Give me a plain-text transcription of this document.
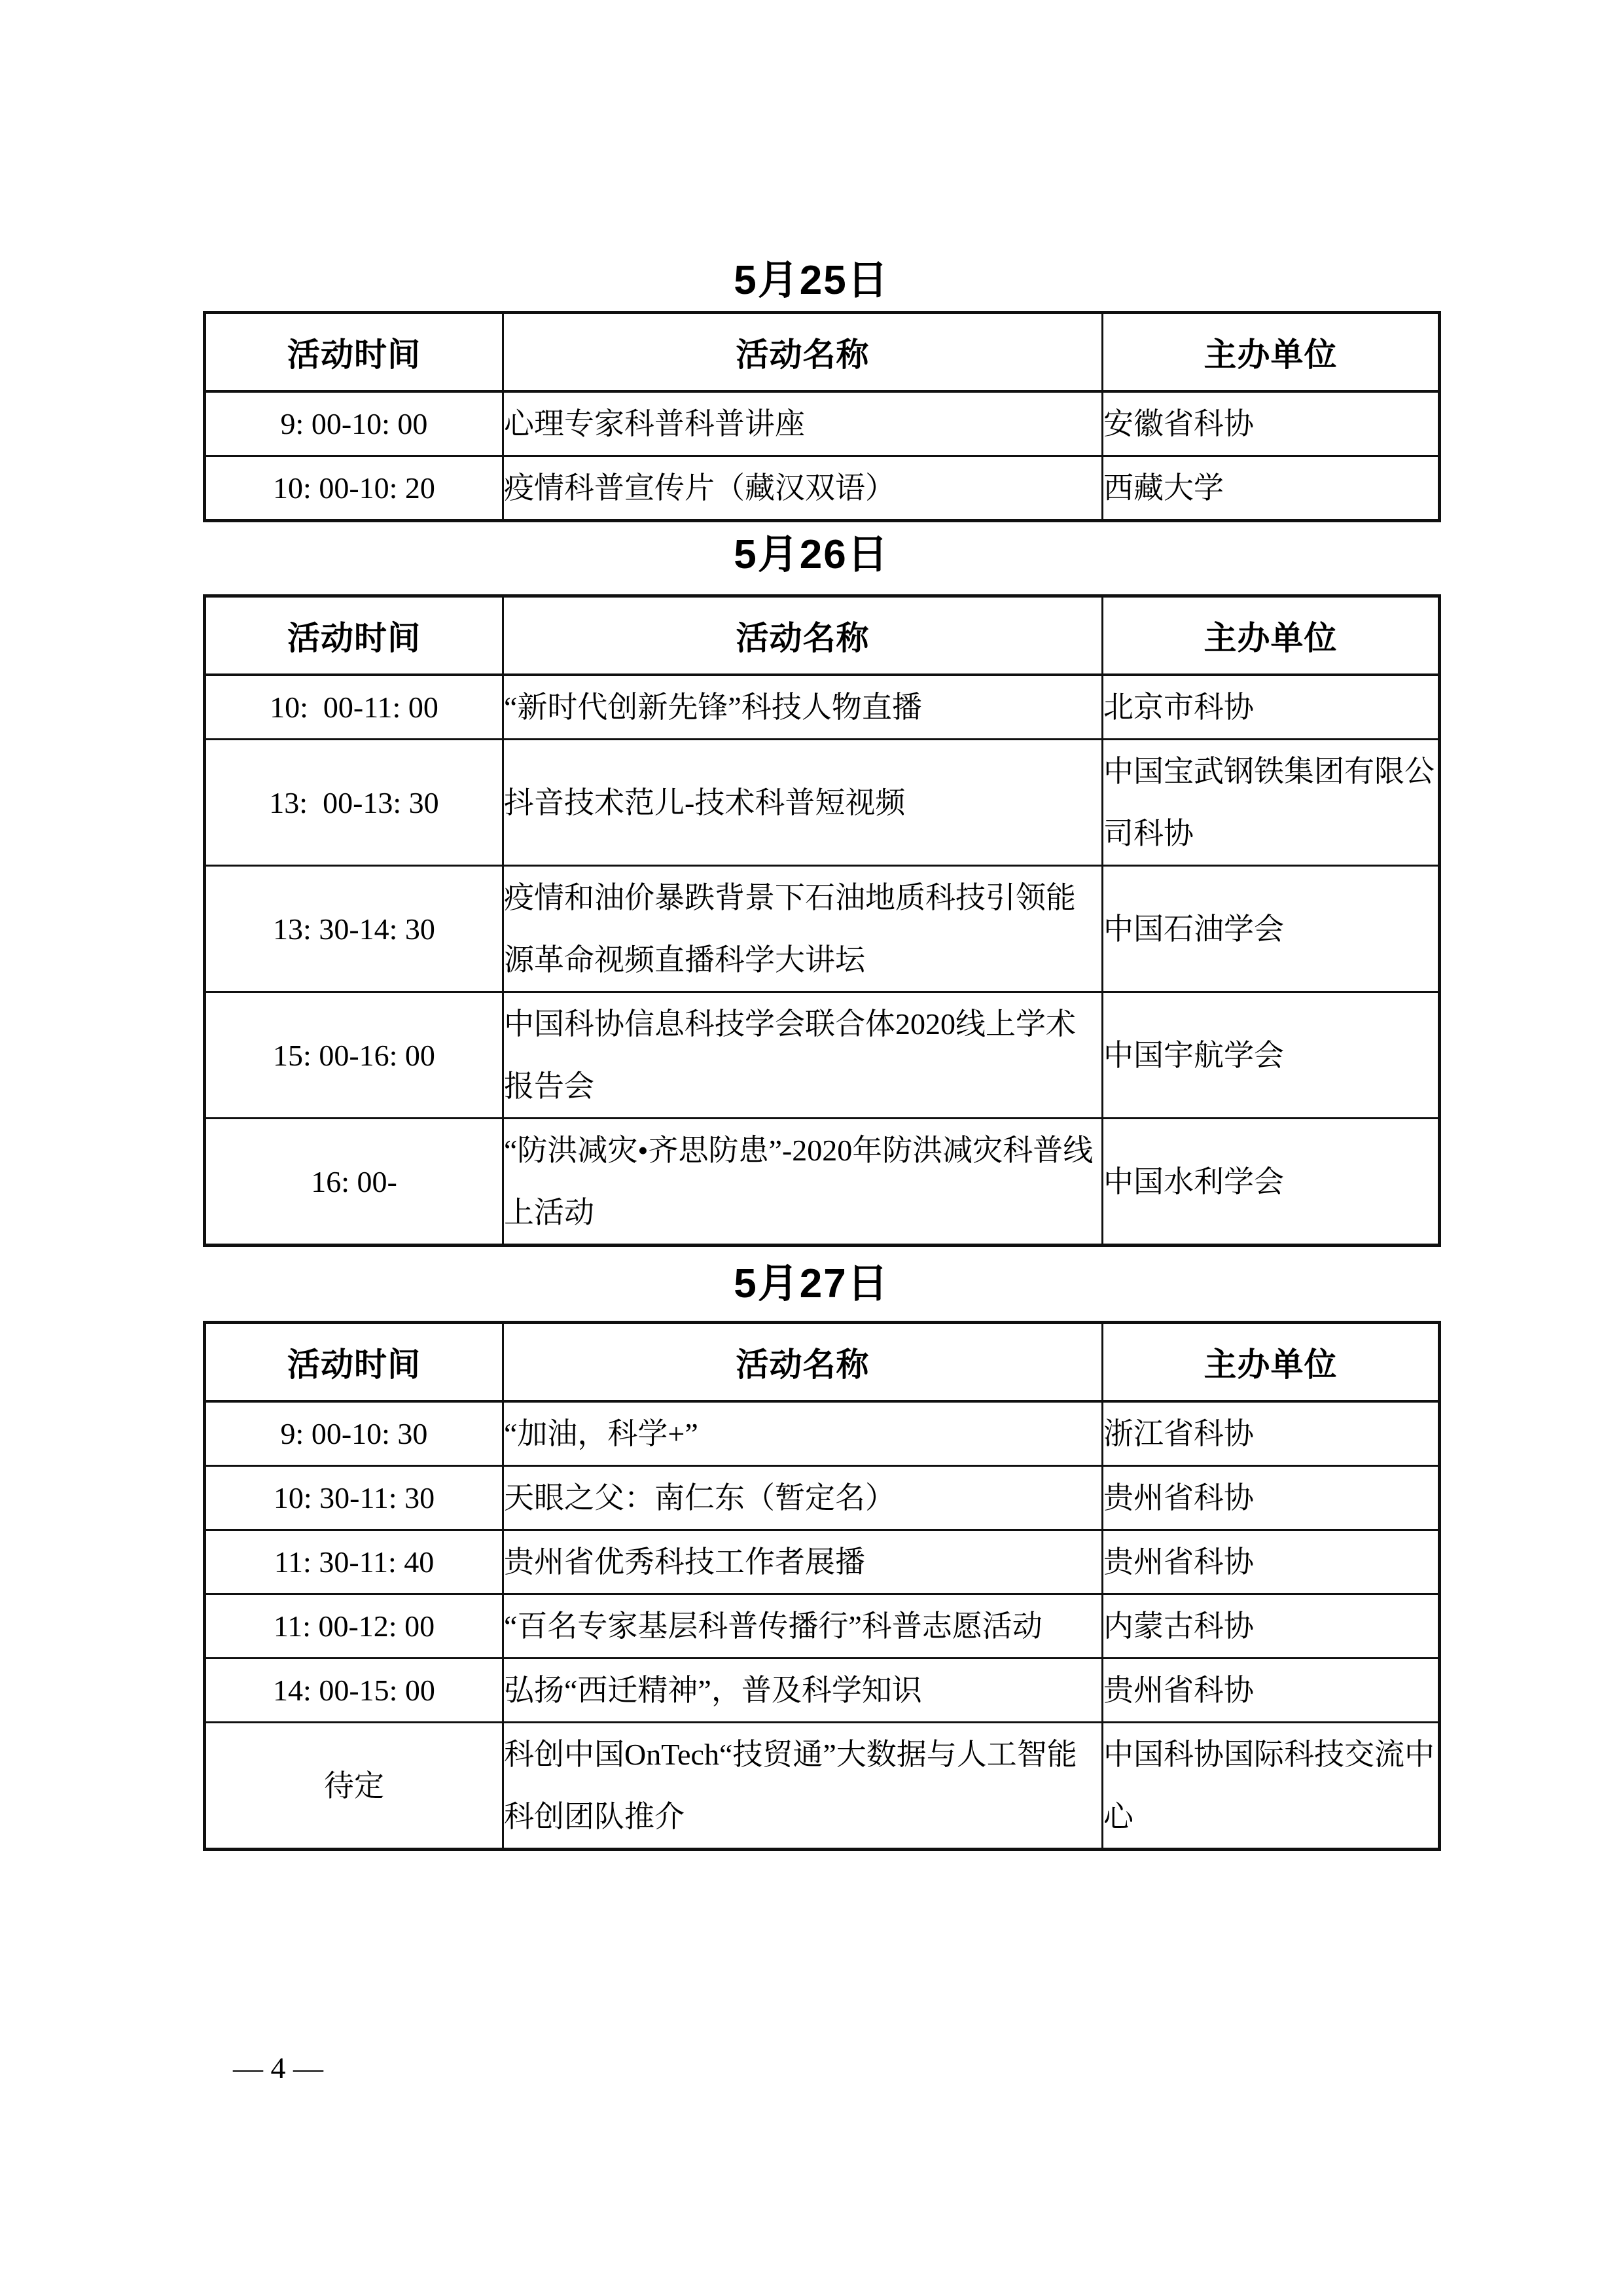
5月25日
活动时间	活动名称	主办单位
9: 00-10: 00	心理专家科普科普讲座	安徽省科协
10: 00-10: 20	疫情科普宣传片（藏汉双语）	西藏大学
5月26日
活动时间	活动名称	主办单位
10:  00-11: 00	“新时代创新先锋”科技人物直播	北京市科协
13:  00-13: 30	抖音技术范儿-技术科普短视频	中国宝武钢铁集团有限公司科协
13: 30-14: 30	疫情和油价暴跌背景下石油地质科技引领能源革命视频直播科学大讲坛	中国石油学会
15: 00-16: 00	中国科协信息科技学会联合体2020线上学术报告会	中国宇航学会
16: 00-	“防洪减灾•齐思防患”-2020年防洪减灾科普线上活动	中国水利学会
5月27日
活动时间	活动名称	主办单位
9: 00-10: 30	“加油，科学+”	浙江省科协
10: 30-11: 30	天眼之父：南仁东（暂定名）	贵州省科协
11: 30-11: 40	贵州省优秀科技工作者展播	贵州省科协
11: 00-12: 00	“百名专家基层科普传播行”科普志愿活动	内蒙古科协
14: 00-15: 00	弘扬“西迁精神”，普及科学知识	贵州省科协
待定	科创中国OnTech“技贸通”大数据与人工智能科创团队推介	中国科协国际科技交流中心
— 4 —
